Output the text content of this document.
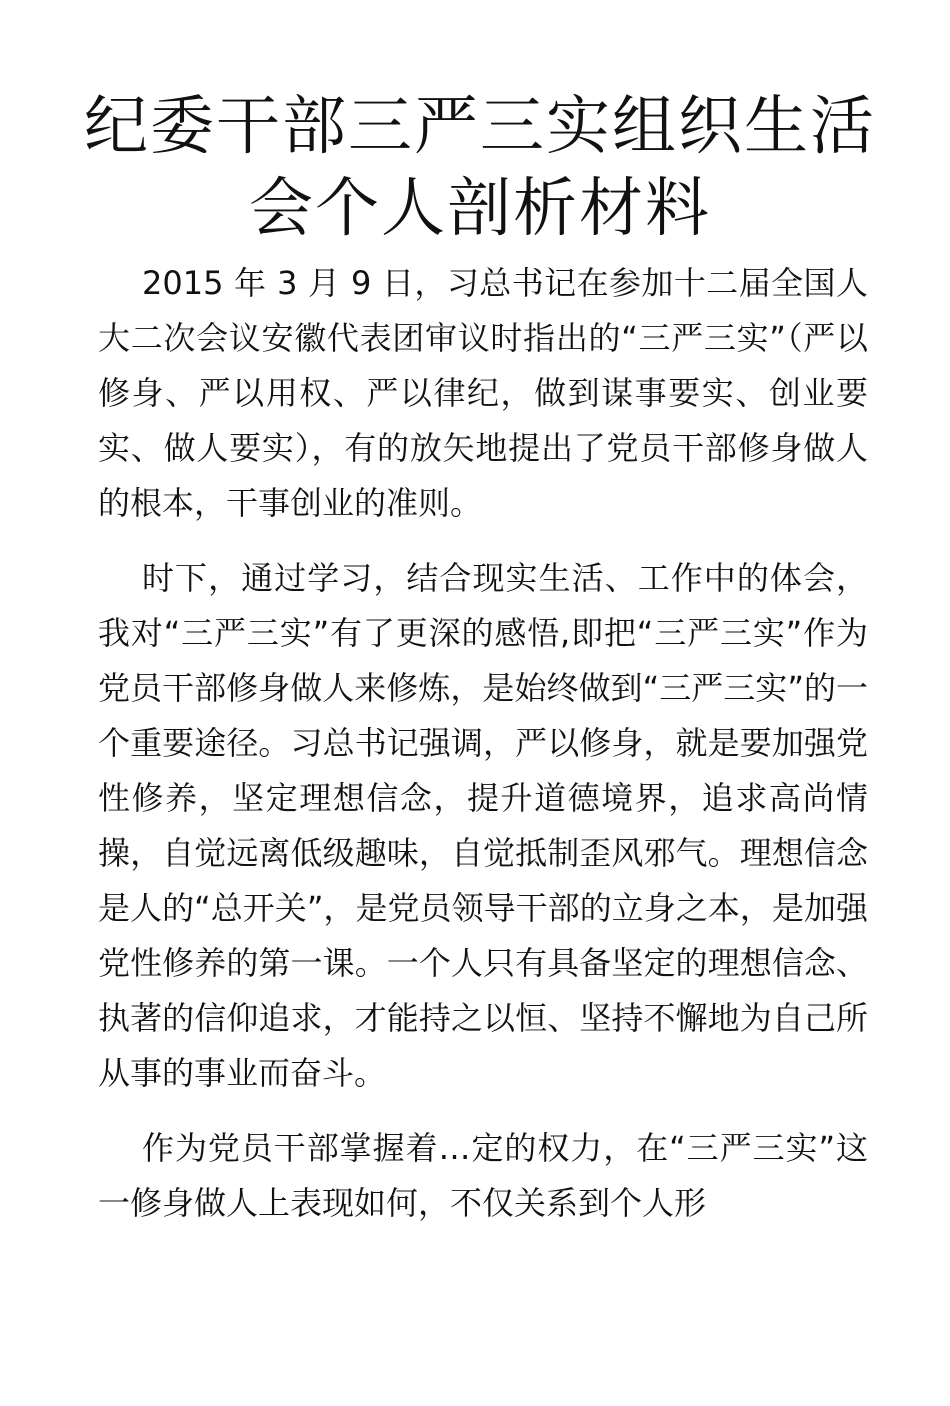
纪委干部三严三实组织生活会个人剖析材料

2015 年 3 月 9 日，习总书记在参加十二届全国人大二次会议安徽代表团审议时指出的“三严三实”（严以修身、严以用权、严以律纪，做到谋事要实、创业要实、做人要实），有的放矢地提出了党员干部修身做人的根本，干事创业的准则。

时下，通过学习，结合现实生活、工作中的体会，我对“三严三实”有了更深的感悟,即把“三严三实”作为党员干部修身做人来修炼，是始终做到“三严三实”的一个重要途径。习总书记强调，严以修身，就是要加强党性修养，坚定理想信念，提升道德境界，追求高尚情操，自觉远离低级趣味，自觉抵制歪风邪气。理想信念是人的“总开关”，是党员领导干部的立身之本，是加强党性修养的第一课。一个人只有具备坚定的理想信念、执著的信仰追求，才能持之以恒、坚持不懈地为自己所从事的事业而奋斗。

作为党员干部掌握着…定的权力，在“三严三实”这一修身做人上表现如何，不仅关系到个人形
